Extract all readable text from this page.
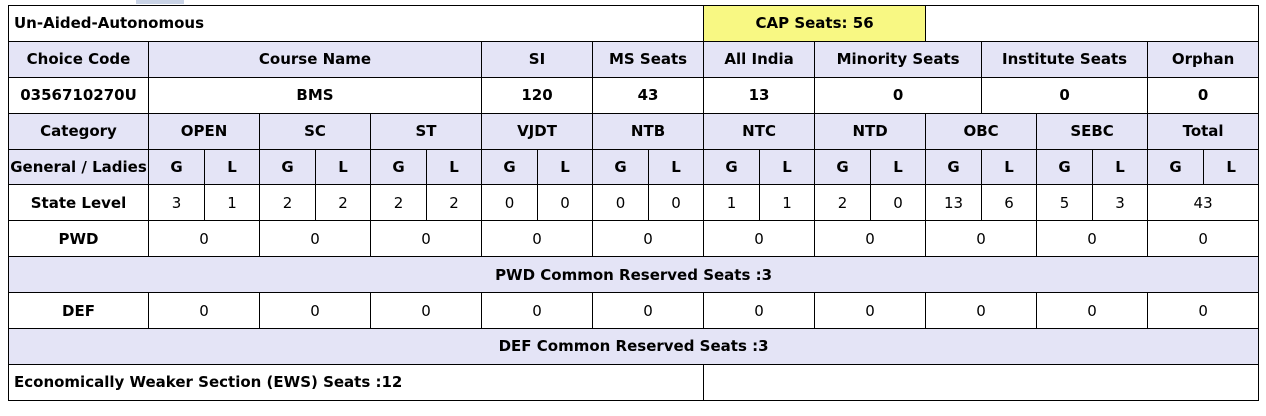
Un-Aided-Autonomous											CAP Seats: 56									
Choice Code	Course Name						SI		MS Seats		All India		Minority Seats			Institute Seats			Orphan	
0356710270U	BMS						120		43		13		0			0			0	
Category	OPEN		SC		ST		VJDT		NTB		NTC		NTD		OBC		SEBC		Total	
General / Ladies	G	L	G	L	G	L	G	L	G	L	G	L	G	L	G	L	G	L	G	L
State Level	3	1	2	2	2	2	0	0	0	0	1	1	2	0	13	6	5	3	43	
PWD	0		0		0		0		0		0		0		0		0		0	
PWD Common Reserved Seats :3																				
DEF	0		0		0		0		0		0		0		0		0		0	
DEF Common Reserved Seats :3																				
Economically Weaker Section (EWS) Seats :12																				
